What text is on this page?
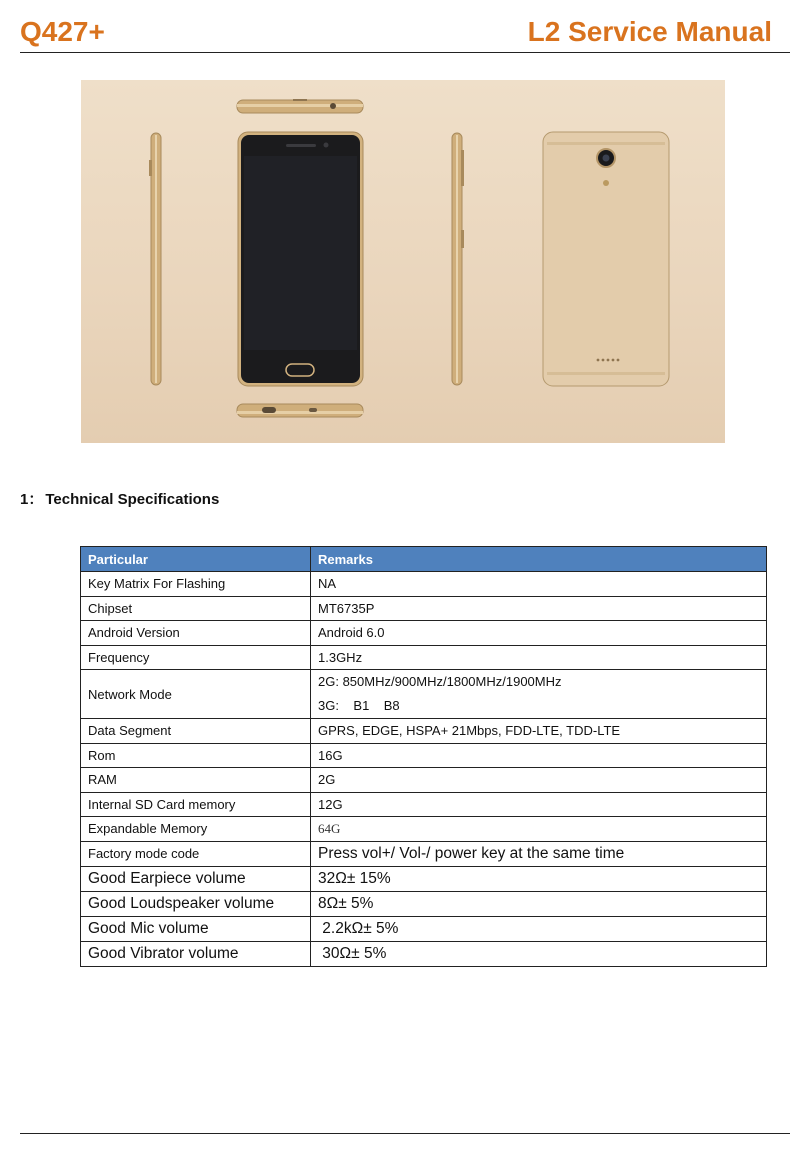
Q427+	L2 Service Manual
1： Technical Specifications
Particular	Remarks
Key Matrix For Flashing	NA
Chipset	MT6735P
Android Version	Android 6.0
Frequency	1.3GHz
Network Mode	2G: 850MHz/900MHz/1800MHz/1900MHz
3G:    B1    B8

Data Segment	GPRS, EDGE, HSPA+ 21Mbps, FDD-LTE, TDD-LTE
Rom	16G
RAM	2G
Internal SD Card memory	12G
Expandable Memory	64G
Factory mode code	Press vol+/ Vol-/ power key at the same time
Good Earpiece volume	32Ω± 15%
Good Loudspeaker volume	8Ω± 5%
Good Mic volume	2.2kΩ± 5%
Good Vibrator volume	30Ω± 5%
